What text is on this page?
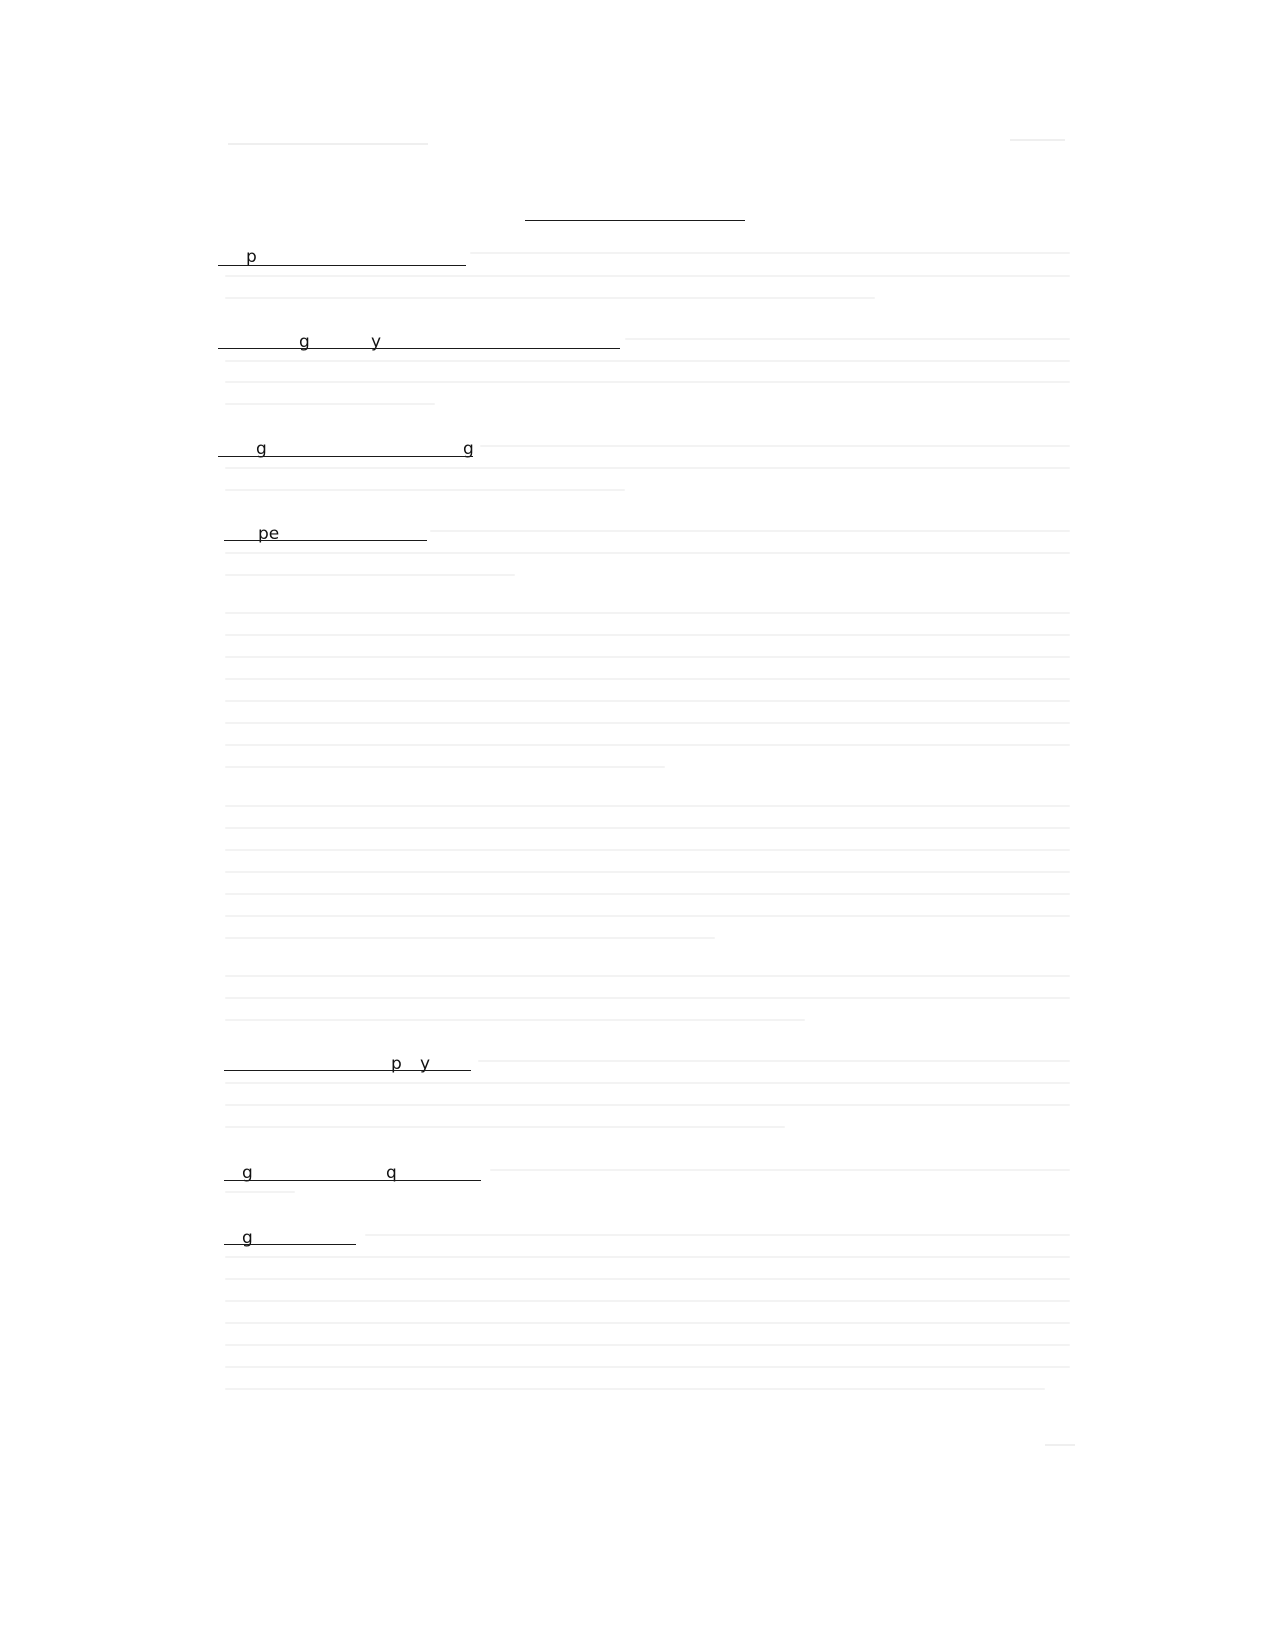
p
g	y
g	g
pe
p y
g	q
g
